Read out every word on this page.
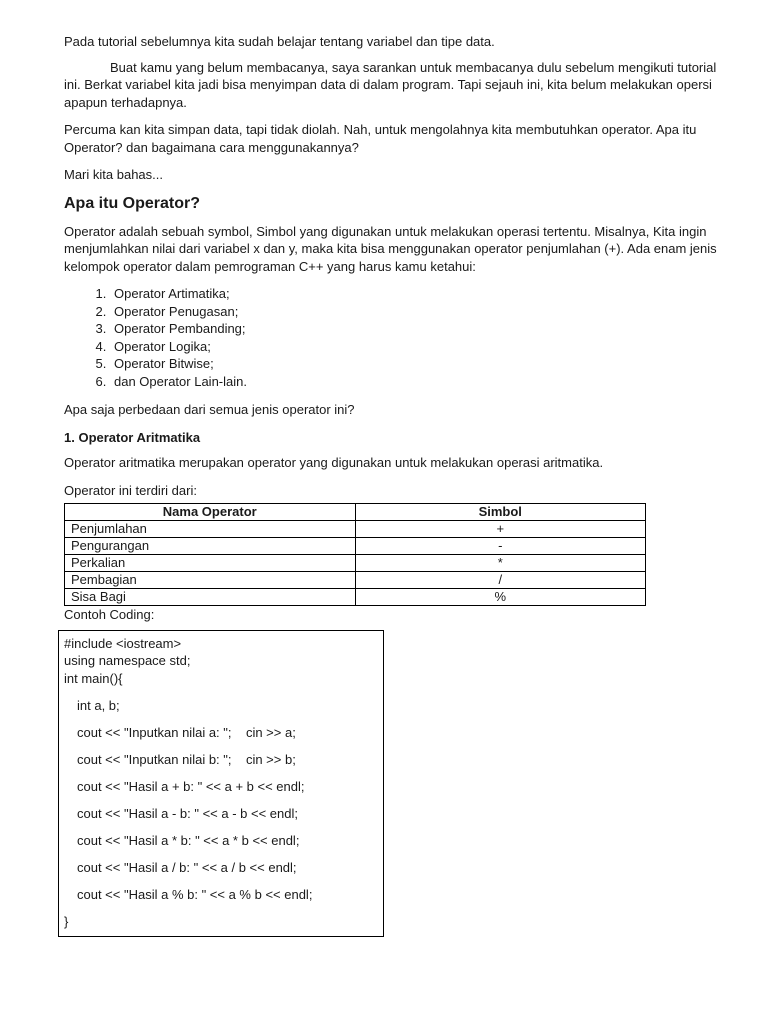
Pada tutorial sebelumnya kita sudah belajar tentang variabel dan tipe data.

Buat kamu yang belum membacanya, saya sarankan untuk membacanya dulu sebelum mengikuti tutorial ini. Berkat variabel kita jadi bisa menyimpan data di dalam program. Tapi sejauh ini, kita belum melakukan opersi apapun terhadapnya.

Percuma kan kita simpan data, tapi tidak diolah. Nah, untuk mengolahnya kita membutuhkan operator. Apa itu Operator? dan bagaimana cara menggunakannya?

Mari kita bahas...

Apa itu Operator?

Operator adalah sebuah symbol, Simbol yang digunakan untuk melakukan operasi tertentu. Misalnya, Kita ingin menjumlahkan nilai dari variabel x dan y, maka kita bisa menggunakan operator penjumlahan (+). Ada enam jenis kelompok operator dalam pemrograman C++ yang harus kamu ketahui:

1. Operator Artimatika;
2. Operator Penugasan;
3. Operator Pembanding;
4. Operator Logika;
5. Operator Bitwise;
6. dan Operator Lain-lain.

Apa saja perbedaan dari semua jenis operator ini?

1. Operator Aritmatika

Operator aritmatika merupakan operator yang digunakan untuk melakukan operasi aritmatika.

Operator ini terdiri dari:

Nama Operator	Simbol
Penjumlahan	+
Pengurangan	-
Perkalian	*
Pembagian	/
Sisa Bagi	%

Contoh Coding:

#include <iostream>
using namespace std;
int main(){
int a, b;
cout << "Inputkan nilai a: ";    cin >> a;
cout << "Inputkan nilai b: ";    cin >> b;
cout << "Hasil a + b: " << a + b << endl;
cout << "Hasil a - b: " << a - b << endl;
cout << "Hasil a * b: " << a * b << endl;
cout << "Hasil a / b: " << a / b << endl;
cout << "Hasil a % b: " << a % b << endl;
}
